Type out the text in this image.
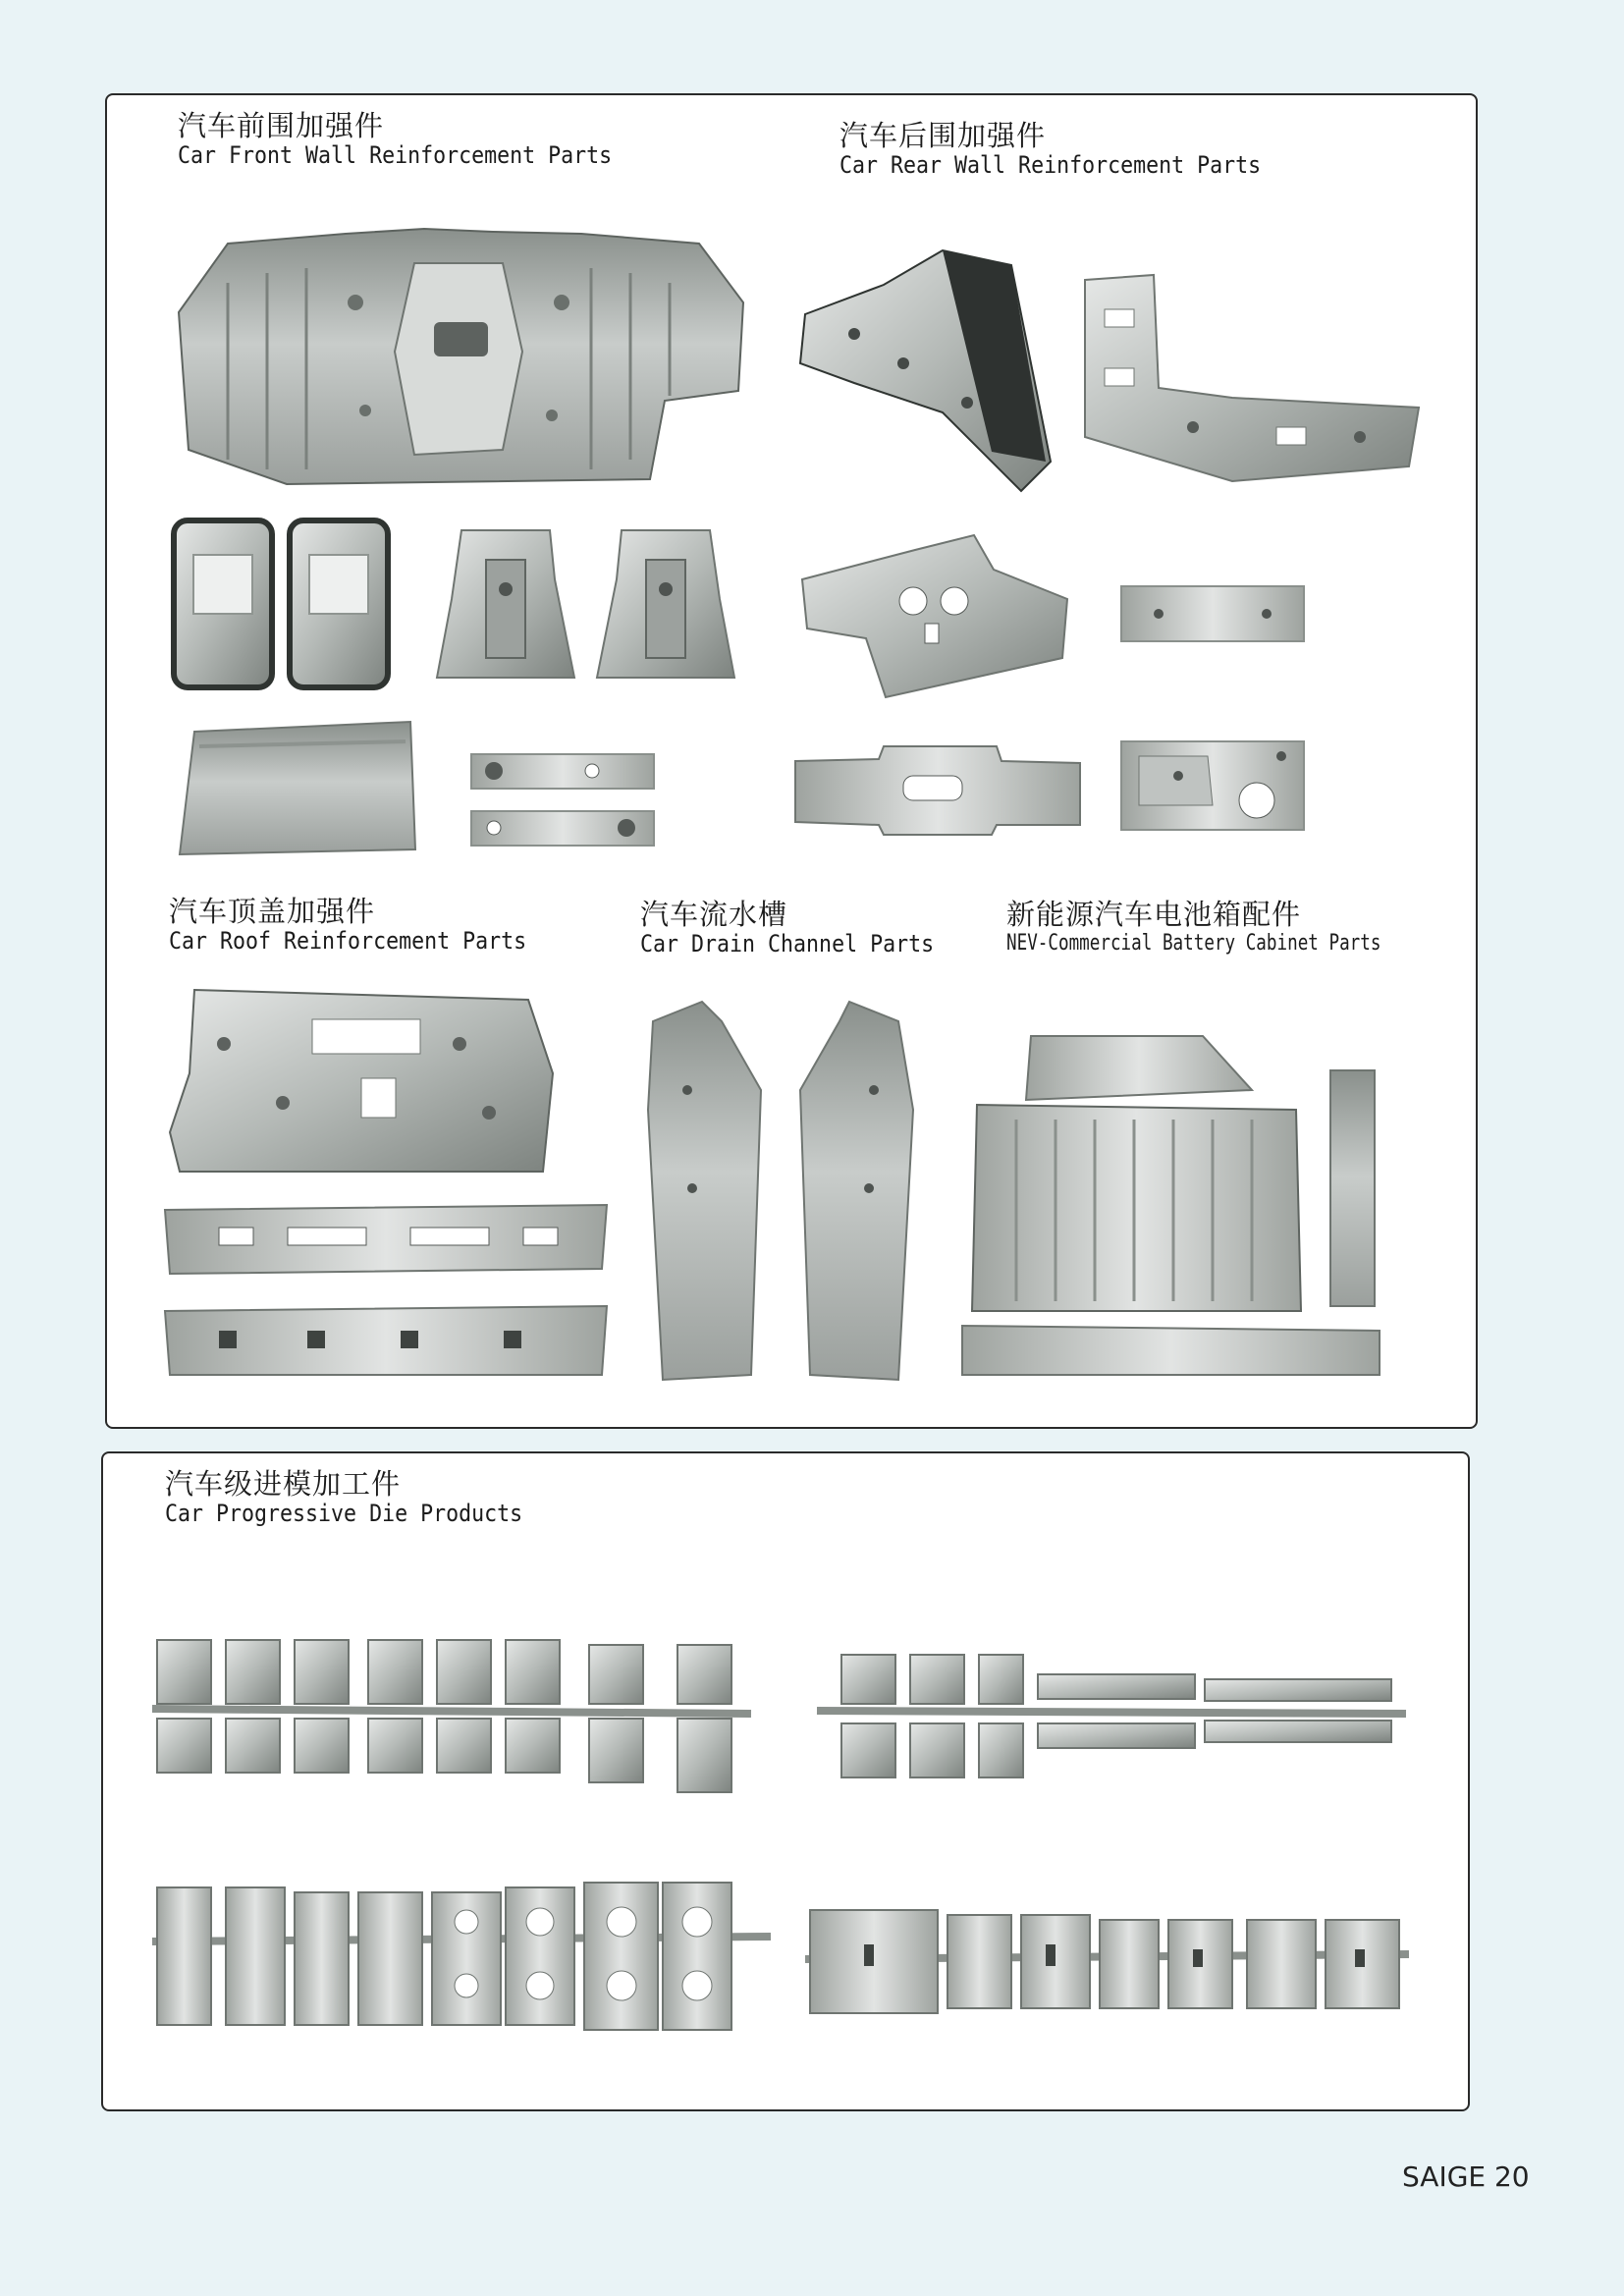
汽车前围加强件
Car Front Wall Reinforcement Parts
汽车后围加强件
Car Rear Wall Reinforcement Parts
汽车顶盖加强件
Car Roof Reinforcement Parts
汽车流水槽
Car Drain Channel Parts
新能源汽车电池箱配件
NEV-Commercial Battery Cabinet Parts
汽车级进模加工件
Car Progressive Die Products
SAIGE 20
